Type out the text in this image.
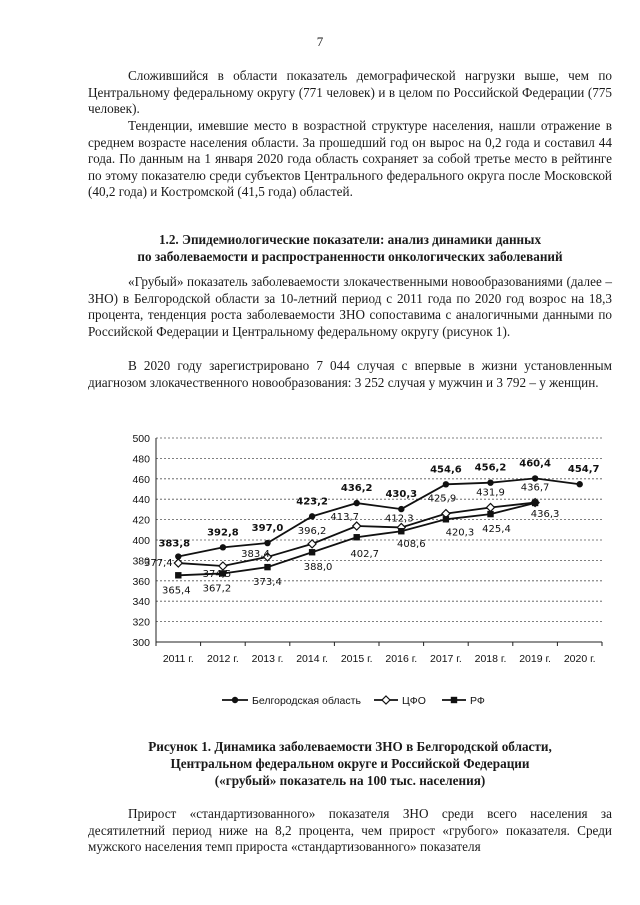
7

Сложившийся в области показатель демографической нагрузки выше, чем по Центральному федеральному округу (771 человек) и в целом по Российской Федерации (775 человек).

Тенденции, имевшие место в возрастной структуре населения, нашли отражение в среднем возрасте населения области. За прошедший год он вырос на 0,2 года и составил 44 года. По данным на 1 января 2020 года область сохраняет за собой третье место в рейтинге по этому показателю среди субъектов Центрального федерального округа после Московской (40,2 года) и Костромской (41,5 года) областей.

1.2. Эпидемиологические показатели: анализ динамики данных

по заболеваемости и распространенности онкологических заболеваний

«Грубый» показатель заболеваемости злокачественными новообразованиями (далее – ЗНО) в Белгородской области за 10-летний период с 2011 года по 2020 год возрос на 18,3 процента, тенденция роста заболеваемости ЗНО сопоставима с аналогичными данными по Российской Федерации и Центральному федеральному округу (рисунок 1).

В 2020 году зарегистрировано 7 044 случая с впервые в жизни установленным диагнозом злокачественного новообразования: 3 252 случая у мужчин и 3 792 – у женщин.

300
320
340
360
380
400
420
440
460
480
500
2011 г. 2012 г. 2013 г. 2014 г. 2015 г. 2016 г. 2017 г. 2018 г. 2019 г. 2020 г.
383,8
392,8 397,0
423,2
436,2
430,3
454,6 456,2 460,4
454,7
377,4
374,5
383,4
396,2
413,7	412,3
425,9
431,9 436,7
365,4 367,2
373,4
388,0
402,7
408,6
420,3 425,4
436,3
Белгородская область	ЦФО	РФ

Рисунок 1. Динамика заболеваемости ЗНО в Белгородской области,

Центральном федеральном округе и Российской Федерации

(«грубый» показатель на 100 тыс. населения)

Прирост «стандартизованного» показателя ЗНО среди всего населения за десятилетний период ниже на 8,2 процента, чем прирост «грубого» показателя. Среди мужского населения темп прироста «стандартизованного» показателя
